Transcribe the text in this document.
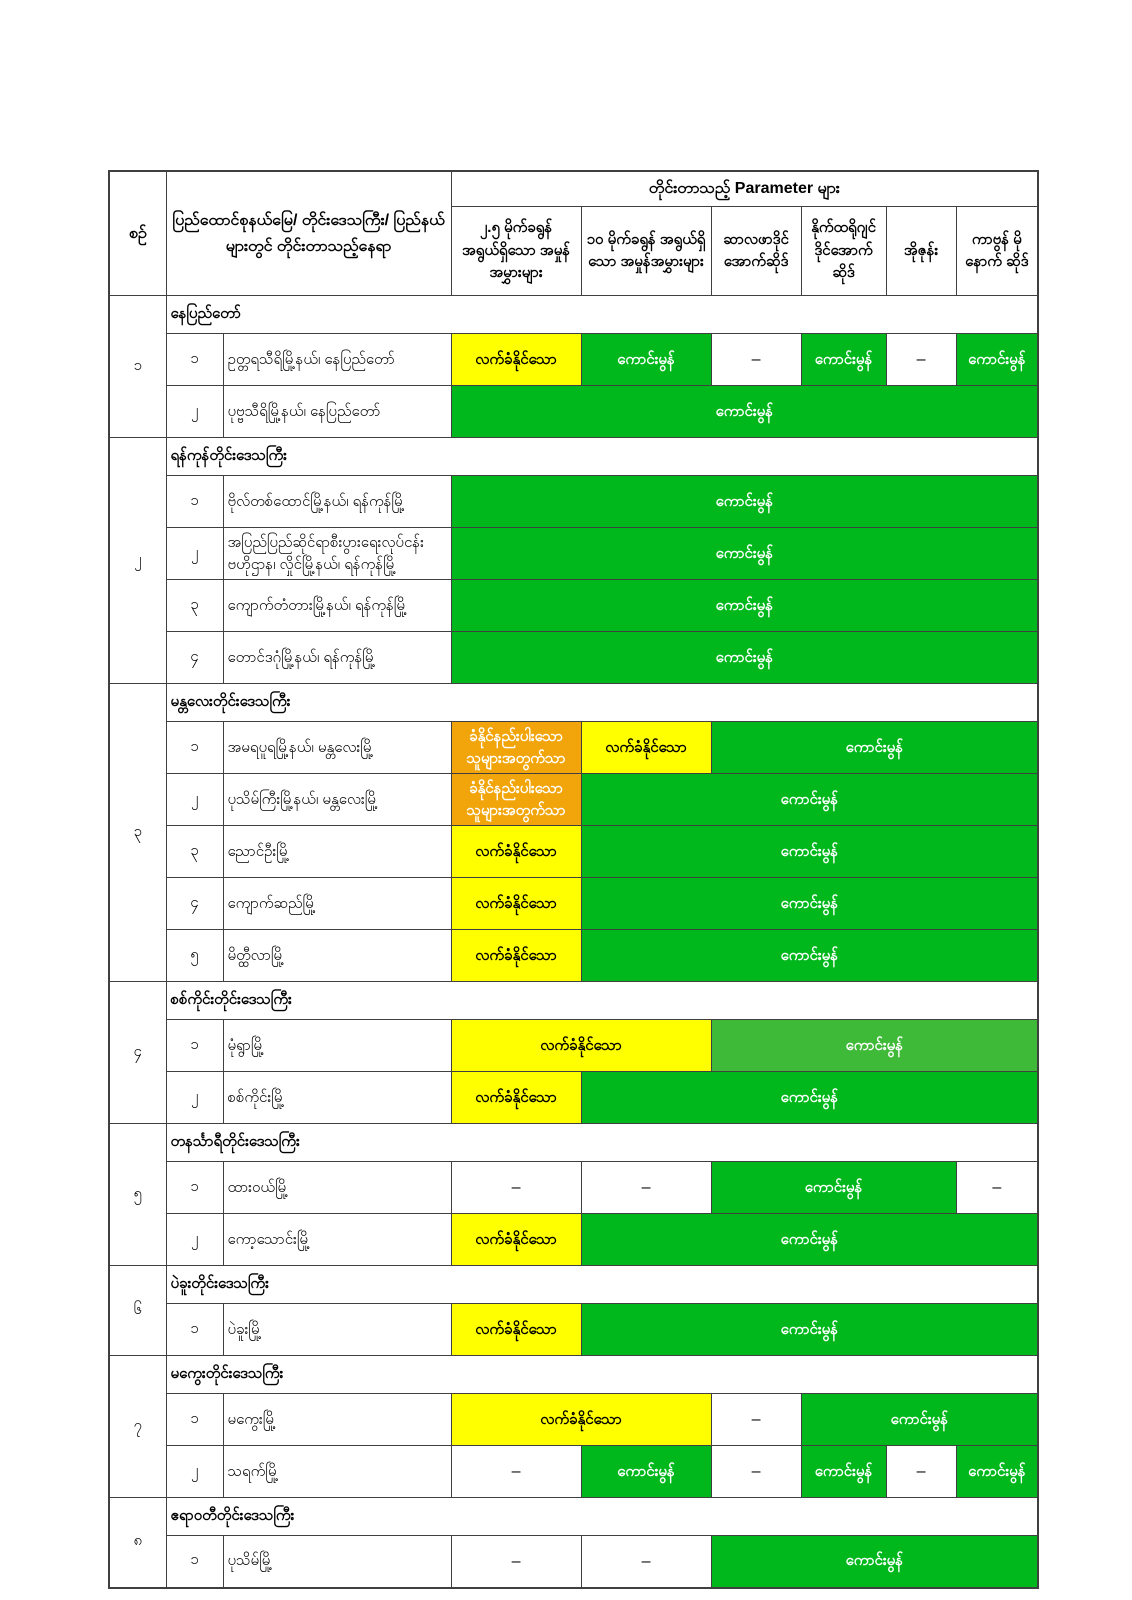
စဉ်	ပြည်ထောင်စုနယ်မြေ/ တိုင်းဒေသကြီး/ ပြည်နယ်များတွင် တိုင်းတာသည့်နေရာ		တိုင်းတာသည့် Parameter များ					
			၂.၅ မိုက်ခရွန် အရွယ်ရှိသော အမှုန်အမွှားများ	၁၀ မိုက်ခရွန် အရွယ်ရှိသော အမှုန်အမွှားများ	ဆာလဖာဒိုင် အောက်ဆိုဒ်	နိုက်ထရိုဂျင် ဒိုင်အောက် ဆိုဒ်	အိုဇုန်း	ကာဗွန် မိုနောက် ဆိုဒ်
၁	နေပြည်တော်							
	၁	ဥတ္တရသီရိမြို့နယ်၊ နေပြည်တော်	လက်ခံနိုင်သော	ကောင်းမွန်	–	ကောင်းမွန်	–	ကောင်းမွန်
	၂	ပုဗ္ဗသီရိမြို့နယ်၊ နေပြည်တော်	ကောင်းမွန်					
၂	ရန်ကုန်တိုင်းဒေသကြီး							
	၁	ဗိုလ်တစ်ထောင်မြို့နယ်၊ ရန်ကုန်မြို့	ကောင်းမွန်					
	၂	အပြည်ပြည်ဆိုင်ရာစီးပွားရေးလုပ်ငန်း ဗဟိုဌာန၊ လှိုင်မြို့နယ်၊ ရန်ကုန်မြို့	ကောင်းမွန်					
	၃	ကျောက်တံတားမြို့နယ်၊ ရန်ကုန်မြို့	ကောင်းမွန်					
	၄	တောင်ဒဂုံမြို့နယ်၊ ရန်ကုန်မြို့	ကောင်းမွန်					
၃	မန္တလေးတိုင်းဒေသကြီး							
	၁	အမရပူရမြို့နယ်၊ မန္တလေးမြို့	ခံနိုင်နည်းပါးသော သူများအတွက်သာ	လက်ခံနိုင်သော	ကောင်းမွန်			
	၂	ပုသိမ်ကြီးမြို့နယ်၊ မန္တလေးမြို့	ခံနိုင်နည်းပါးသော သူများအတွက်သာ	ကောင်းမွန်				
	၃	ညောင်ဦးမြို့	လက်ခံနိုင်သော	ကောင်းမွန်				
	၄	ကျောက်ဆည်မြို့	လက်ခံနိုင်သော	ကောင်းမွန်				
	၅	မိတ္ထီလာမြို့	လက်ခံနိုင်သော	ကောင်းမွန်				
၄	စစ်ကိုင်းတိုင်းဒေသကြီး							
	၁	မုံရွာမြို့	လက်ခံနိုင်သော		ကောင်းမွန်			
	၂	စစ်ကိုင်းမြို့	လက်ခံနိုင်သော	ကောင်းမွန်				
၅	တနင်္သာရီတိုင်းဒေသကြီး							
	၁	ထားဝယ်မြို့	–	–	ကောင်းမွန်			–
	၂	ကော့သောင်းမြို့	လက်ခံနိုင်သော	ကောင်းမွန်				
၆	ပဲခူးတိုင်းဒေသကြီး							
	၁	ပဲခူးမြို့	လက်ခံနိုင်သော	ကောင်းမွန်				
၇	မကွေးတိုင်းဒေသကြီး							
	၁	မကွေးမြို့	လက်ခံနိုင်သော		–	ကောင်းမွန်		
	၂	သရက်မြို့	–	ကောင်းမွန်	–	ကောင်းမွန်	–	ကောင်းမွန်
၈	ဧရာဝတီတိုင်းဒေသကြီး							
	၁	ပုသိမ်မြို့	–	–	ကောင်းမွန်			
